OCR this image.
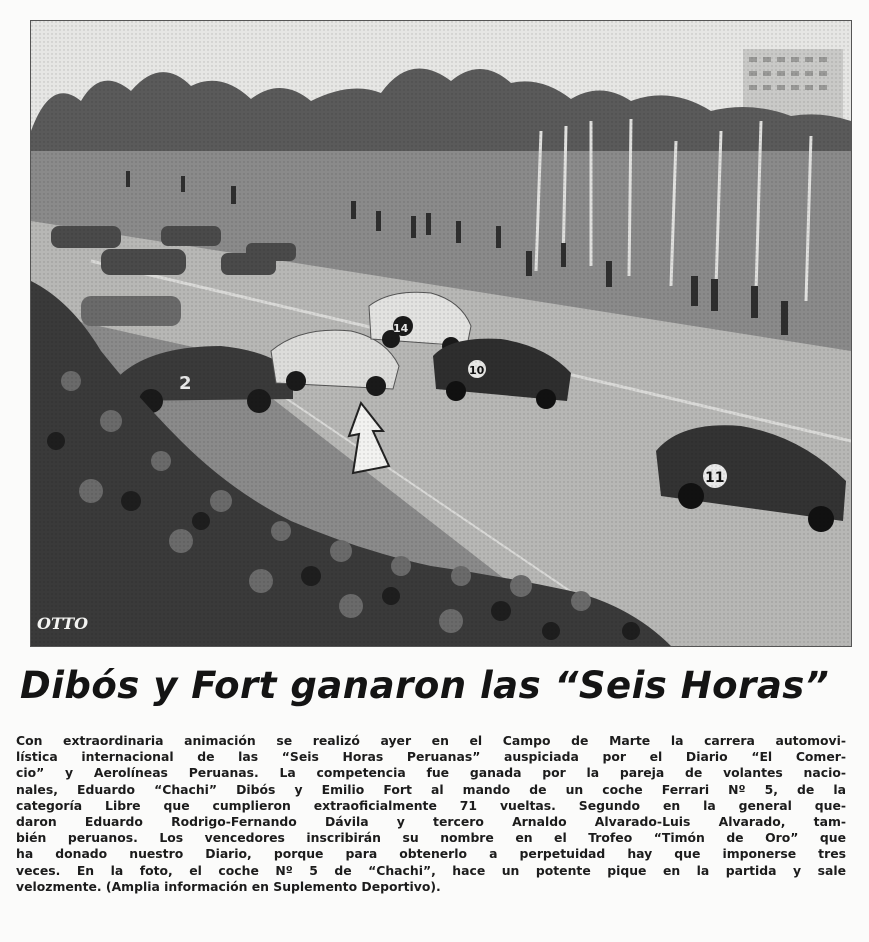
OTTO
Dibós y Fort ganaron las “Seis Horas”
Con extraordinaria animación se realizó ayer en el Campo de Marte la carrera automovi-
lística internacional de las “Seis Horas Peruanas” auspiciada por el Diario “El Comer-
cio” y Aerolíneas Peruanas. La competencia fue ganada por la pareja de volantes nacio-
nales, Eduardo “Chachi” Dibós y Emilio Fort al mando de un coche Ferrari Nº 5, de la
categoría Libre que cumplieron extraoficialmente 71 vueltas. Segundo en la general que-
daron Eduardo Rodrigo-Fernando Dávila y tercero Arnaldo Alvarado-Luis Alvarado, tam-
bién peruanos. Los vencedores inscribirán su nombre en el Trofeo “Timón de Oro” que
ha donado nuestro Diario, porque para obtenerlo a perpetuidad hay que imponerse tres
veces. En la foto, el coche Nº 5 de “Chachi”, hace un potente pique en la partida y sale
velozmente. (Amplia información en Suplemento Deportivo).
